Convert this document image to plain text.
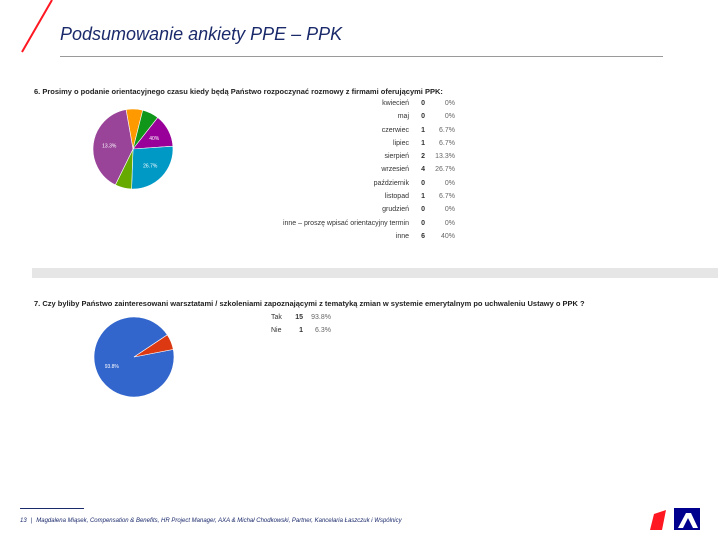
Podsumowanie ankiety PPE – PPK
6. Prosimy o podanie orientacyjnego czasu kiedy będą Państwo rozpoczynać rozmowy z firmami oferującymi PPK:
40%
26.7%
13.3%
kwiecień	0	0%
maj	0	0%
czerwiec	1	6.7%
lipiec	1	6.7%
sierpień	2	13.3%
wrzesień	4	26.7%
październik	0	0%
listopad	1	6.7%
grudzień	0	0%
inne – proszę wpisać orientacyjny termin	0	0%
inne	6	40%
7. Czy byliby Państwo zainteresowani warsztatami / szkoleniami zapoznającymi z tematyką zmian w systemie emerytalnym po uchwaleniu Ustawy o PPK ?
93.8%
Tak	15	93.8%
Nie	1	6.3%
13 | Magdalena Miąsek, Compensation & Benefits, HR Project Manager, AXA & Michał Chodkowski, Partner, Kancelaria Łaszczuk i Wspólnicy
